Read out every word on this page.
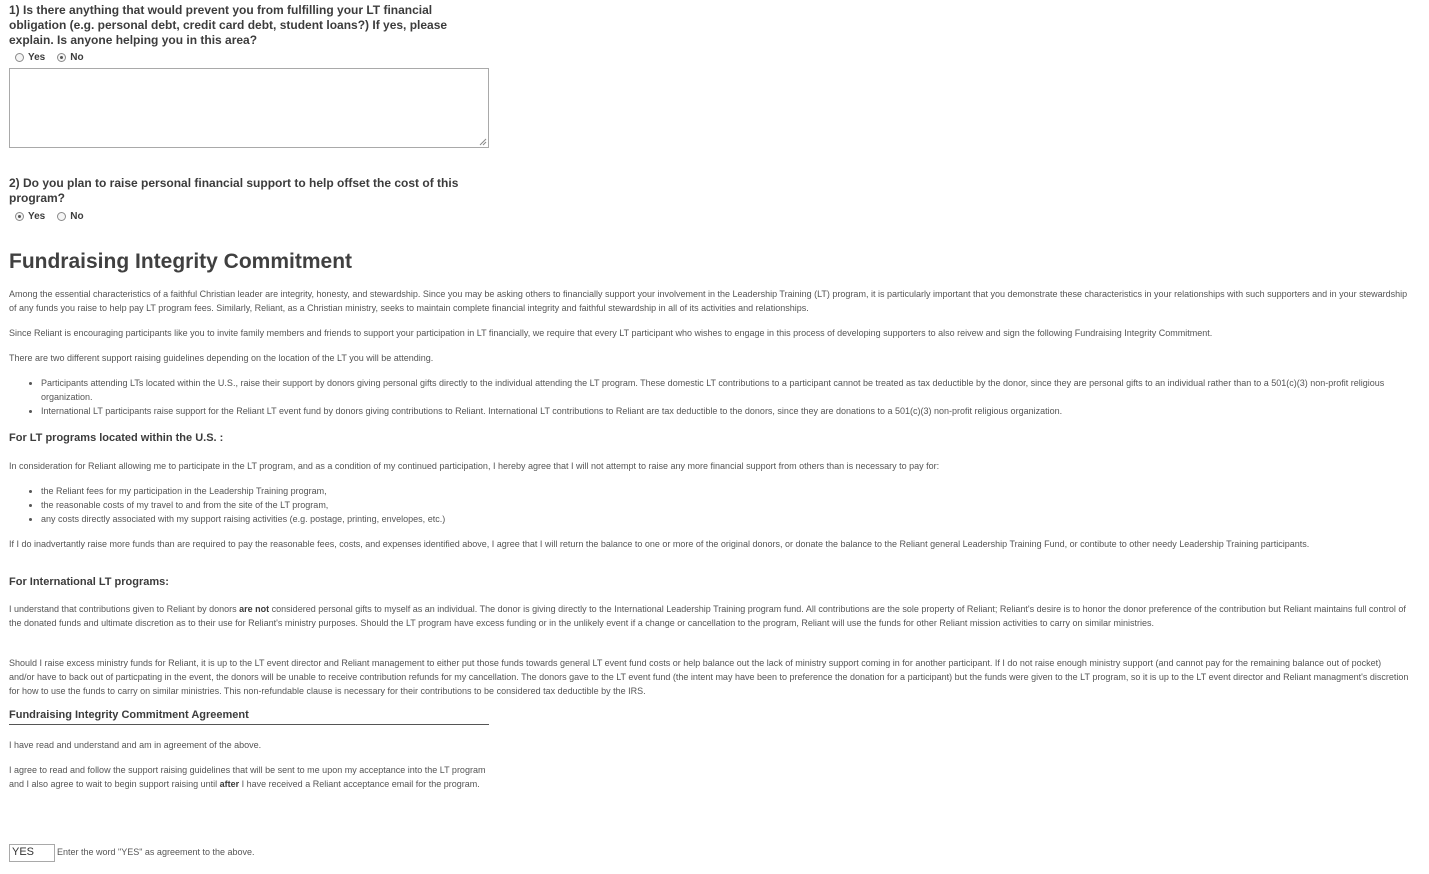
1) Is there anything that would prevent you from fulfilling your LT financial obligation (e.g. personal debt, credit card debt, student loans?) If yes, please explain. Is anyone helping you in this area?
Yes	No
2) Do you plan to raise personal financial support to help offset the cost of this program?
Yes	No
Fundraising Integrity Commitment
Among the essential characteristics of a faithful Christian leader are integrity, honesty, and stewardship. Since you may be asking others to financially support your involvement in the Leadership Training (LT) program, it is particularly important that you demonstrate these characteristics in your relationships with such supporters and in your stewardship of any funds you raise to help pay LT program fees. Similarly, Reliant, as a Christian ministry, seeks to maintain complete financial integrity and faithful stewardship in all of its activities and relationships.
Since Reliant is encouraging participants like you to invite family members and friends to support your participation in LT financially, we require that every LT participant who wishes to engage in this process of developing supporters to also reivew and sign the following Fundraising Integrity Commitment.
There are two different support raising guidelines depending on the location of the LT you will be attending.
• Participants attending LTs located within the U.S., raise their support by donors giving personal gifts directly to the individual attending the LT program. These domestic LT contributions to a participant cannot be treated as tax deductible by the donor, since they are personal gifts to an individual rather than to a 501(c)(3) non-profit religious organization.
• International LT participants raise support for the Reliant LT event fund by donors giving contributions to Reliant. International LT contributions to Reliant are tax deductible to the donors, since they are donations to a 501(c)(3) non-profit religious organization.
For LT programs located within the U.S. :
In consideration for Reliant allowing me to participate in the LT program, and as a condition of my continued participation, I hereby agree that I will not attempt to raise any more financial support from others than is necessary to pay for:
• the Reliant fees for my participation in the Leadership Training program,
• the reasonable costs of my travel to and from the site of the LT program,
• any costs directly associated with my support raising activities (e.g. postage, printing, envelopes, etc.)
If I do inadvertantly raise more funds than are required to pay the reasonable fees, costs, and expenses identified above, I agree that I will return the balance to one or more of the original donors, or donate the balance to the Reliant general Leadership Training Fund, or contibute to other needy Leadership Training participants.
For International LT programs:
I understand that contributions given to Reliant by donors are not considered personal gifts to myself as an individual. The donor is giving directly to the International Leadership Training program fund. All contributions are the sole property of Reliant; Reliant's desire is to honor the donor preference of the contribution but Reliant maintains full control of the donated funds and ultimate discretion as to their use for Reliant's ministry purposes. Should the LT program have excess funding or in the unlikely event if a change or cancellation to the program, Reliant will use the funds for other Reliant mission activities to carry on similar ministries.
Should I raise excess ministry funds for Reliant, it is up to the LT event director and Reliant management to either put those funds towards general LT event fund costs or help balance out the lack of ministry support coming in for another participant. If I do not raise enough ministry support (and cannot pay for the remaining balance out of pocket) and/or have to back out of particpating in the event, the donors will be unable to receive contribution refunds for my cancellation. The donors gave to the LT event fund (the intent may have been to preference the donation for a participant) but the funds were given to the LT program, so it is up to the LT event director and Reliant managment's discretion for how to use the funds to carry on similar ministries. This non-refundable clause is necessary for their contributions to be considered tax deductible by the IRS.
Fundraising Integrity Commitment Agreement
I have read and understand and am in agreement of the above.
I agree to read and follow the support raising guidelines that will be sent to me upon my acceptance into the LT program and I also agree to wait to begin support raising until after I have received a Reliant acceptance email for the program.
YES	Enter the word "YES" as agreement to the above.
